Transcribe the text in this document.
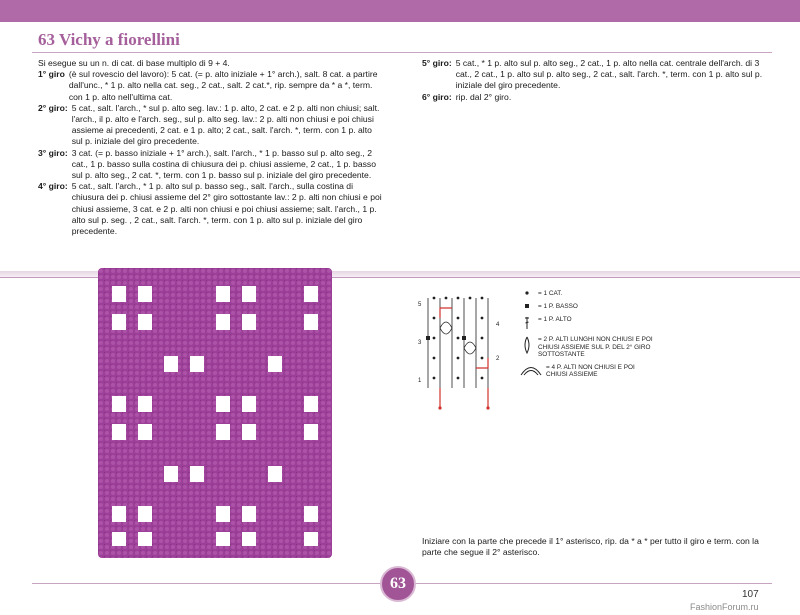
63 Vichy a fiorellini
Si esegue su un n. di cat. di base multiplo di 9 + 4.
1° giro (è sul rovescio del lavoro): 5 cat. (= p. alto iniziale + 1° arch.), salt. 8 cat. a partire dall'unc., * 1 p. alto nella cat. seg., 2 cat., salt. 2 cat.*, rip. sempre da * a *, term. con 1 p. alto nell'ultima cat.
2° giro: 5 cat., salt. l'arch., * sul p. alto seg. lav.: 1 p. alto, 2 cat. e 2 p. alti non chiusi; salt. l'arch., il p. alto e l'arch. seg., sul p. alto seg. lav.: 2 p. alti non chiusi e poi chiusi assieme ai precedenti, 2 cat. e 1 p. alto; 2 cat., salt. l'arch. *, term. con 1 p. alto sul p. iniziale del giro precedente.
3° giro: 3 cat. (= p. basso iniziale + 1° arch.), salt. l'arch., * 1 p. basso sul p. alto seg., 2 cat., 1 p. basso sulla costina di chiusura dei p. chiusi assieme, 2 cat., 1 p. basso sul p. alto seg., 2 cat. *, term. con 1 p. basso sul p. iniziale del giro precedente.
4° giro: 5 cat., salt. l'arch., * 1 p. alto sul p. basso seg., salt. l'arch., sulla costina di chiusura dei p. chiusi assieme del 2° giro sottostante lav.: 2 p. alti non chiusi e poi chiusi assieme, 3 cat. e 2 p. alti non chiusi e poi chiusi assieme; salt. l'arch., 1 p. alto sul p. seg. , 2 cat., salt. l'arch. *, term. con 1 p. alto sul p. iniziale del giro precedente.
5° giro: 5 cat., * 1 p. alto sul p. alto seg., 2 cat., 1 p. alto nella cat. centrale dell'arch. di 3 cat., 2 cat., 1 p. alto sul p. alto seg., 2 cat., salt. l'arch. *, term. con 1 p. alto sul p. iniziale del giro precedente.
6° giro: rip. dal 2° giro.
5
4
3
2
1
= 1 CAT.
= 1 P. BASSO
= 1 P. ALTO
= 2 P. ALTI LUNGHI NON CHIUSI E POI CHIUSI ASSIEME SUL P. DEL 2° GIRO SOTTOSTANTE
= 4 P. ALTI NON CHIUSI E POI CHIUSI ASSIEME
Iniziare con la parte che precede il 1° asterisco, rip. da * a * per tutto il giro e term. con la parte che segue il 2° asterisco.
63
107
FashionForum.ru
